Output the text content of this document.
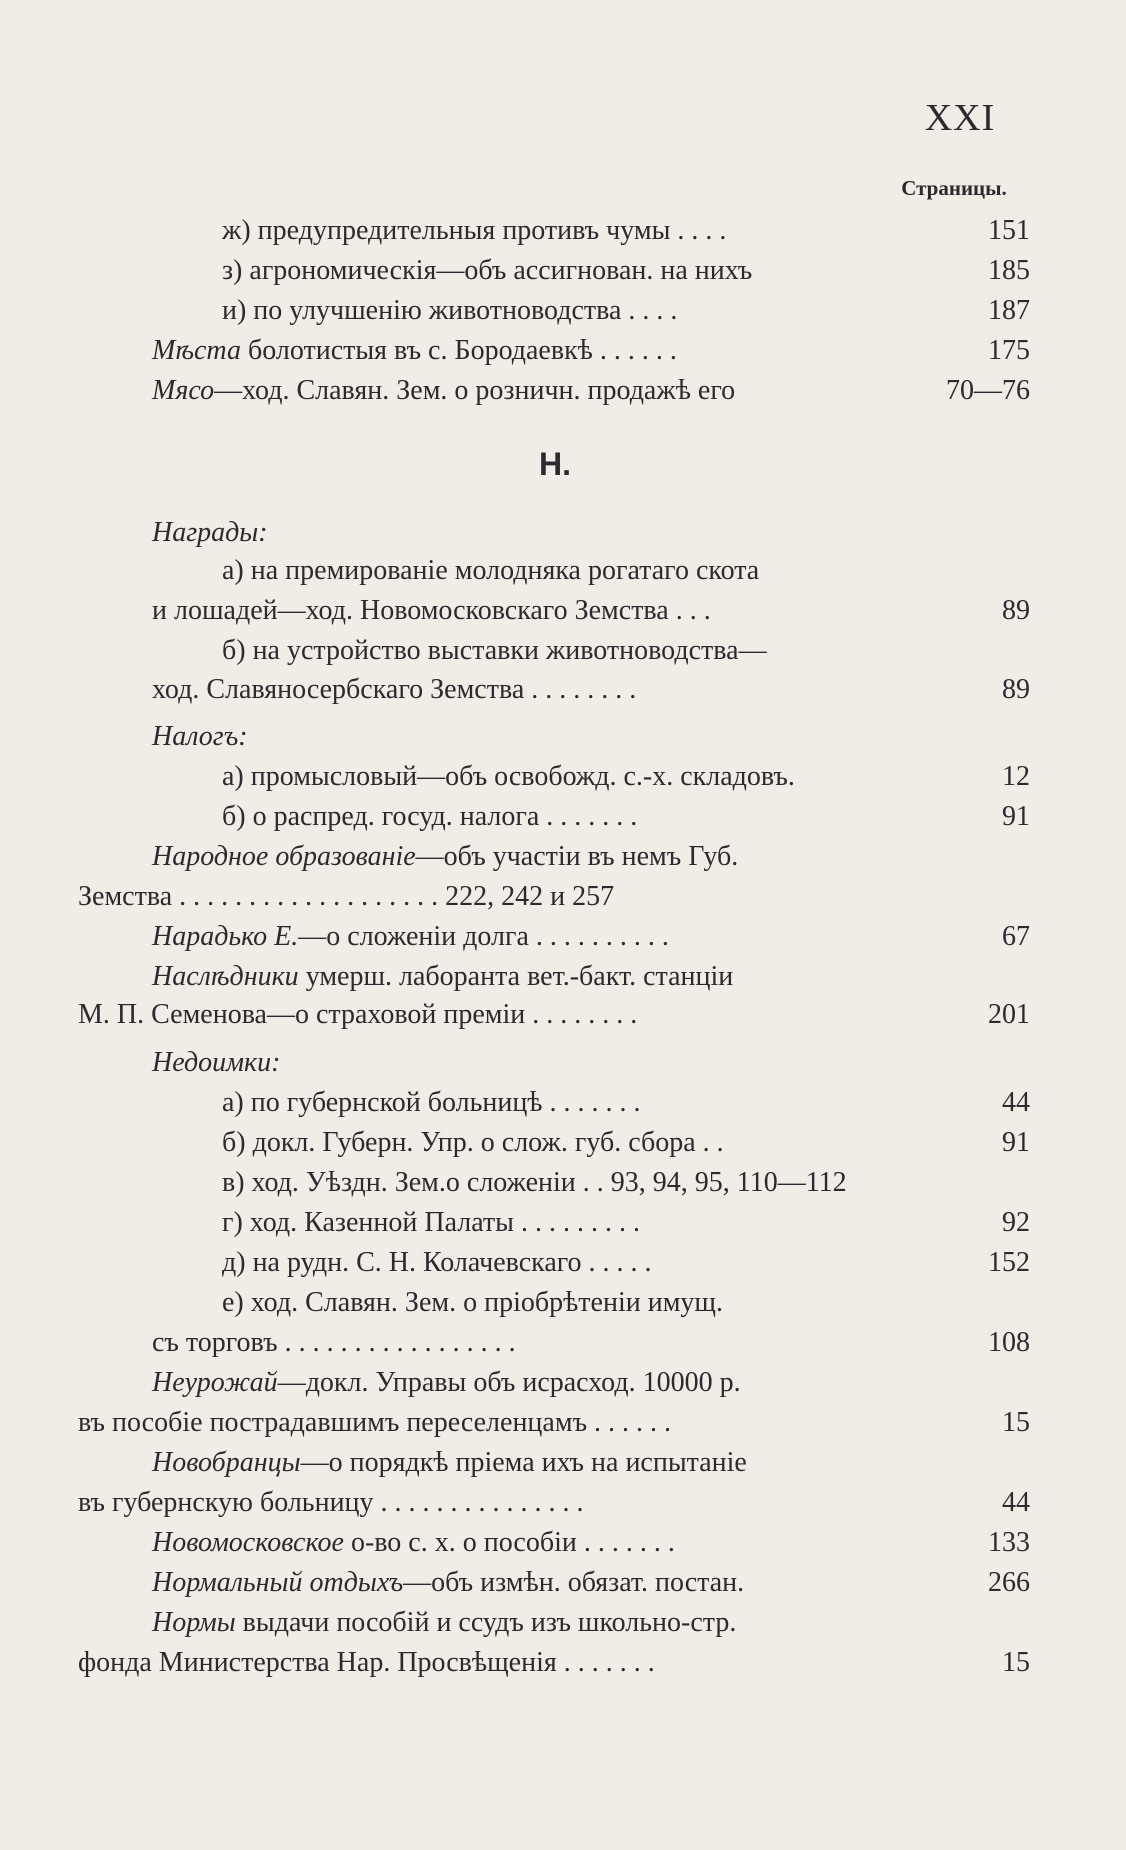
XXI
Страницы.
Н.
ж) предупредительныя противъ чумы . . . .	151
з) агрономическія—объ ассигнован. на нихъ	185
и) по улучшенію животноводства . . . .	187
Мѣста болотистыя въ с. Бородаевкѣ . . . . . .	175
Мясо—ход. Славян. Зем. о розничн. продажѣ его	70—76
Награды:
а) на премированіе молодняка рогатаго скота
и лошадей—ход. Новомосковскаго Земства . . .	89
б) на устройство выставки животноводства—
ход. Славяносербскаго Земства . . . . . . . .	89
Налогъ:
а) промысловый—объ освобожд. с.-х. складовъ.	12
б) о распред. госуд. налога . . . . . . .	91
Народное образованіе—объ участіи въ немъ Губ.
Земства . . . . . . . . . . . . . . . . . . . 222, 242 и 257
Нарадько Е.—о сложеніи долга . . . . . . . . . .	67
Наслѣдники умерш. лаборанта вет.-бакт. станціи
М. П. Семенова—о страховой преміи . . . . . . . .	201
Недоимки:
а) по губернской больницѣ . . . . . . .	44
б) докл. Губерн. Упр. о слож. губ. сбора . .	91
в) ход. Уѣздн. Зем.о сложеніи . . 93, 94, 95, 110—112
г) ход. Казенной Палаты . . . . . . . . .	92
д) на рудн. С. Н. Колачевскаго . . . . .	152
е) ход. Славян. Зем. о пріобрѣтеніи имущ.
съ торговъ . . . . . . . . . . . . . . . . .	108
Неурожай—докл. Управы объ исрасход. 10000 р.
въ пособіе пострадавшимъ переселенцамъ . . . . . .	15
Новобранцы—о порядкѣ пріема ихъ на испытаніе
въ губернскую больницу . . . . . . . . . . . . . . .	44
Новомосковское о-во с. х. о пособіи . . . . . . .	133
Нормальный отдыхъ—объ измѣн. обязат. постан.	266
Нормы выдачи пособій и ссудъ изъ школьно-стр.
фонда Министерства Нар. Просвѣщенія . . . . . . .	15
